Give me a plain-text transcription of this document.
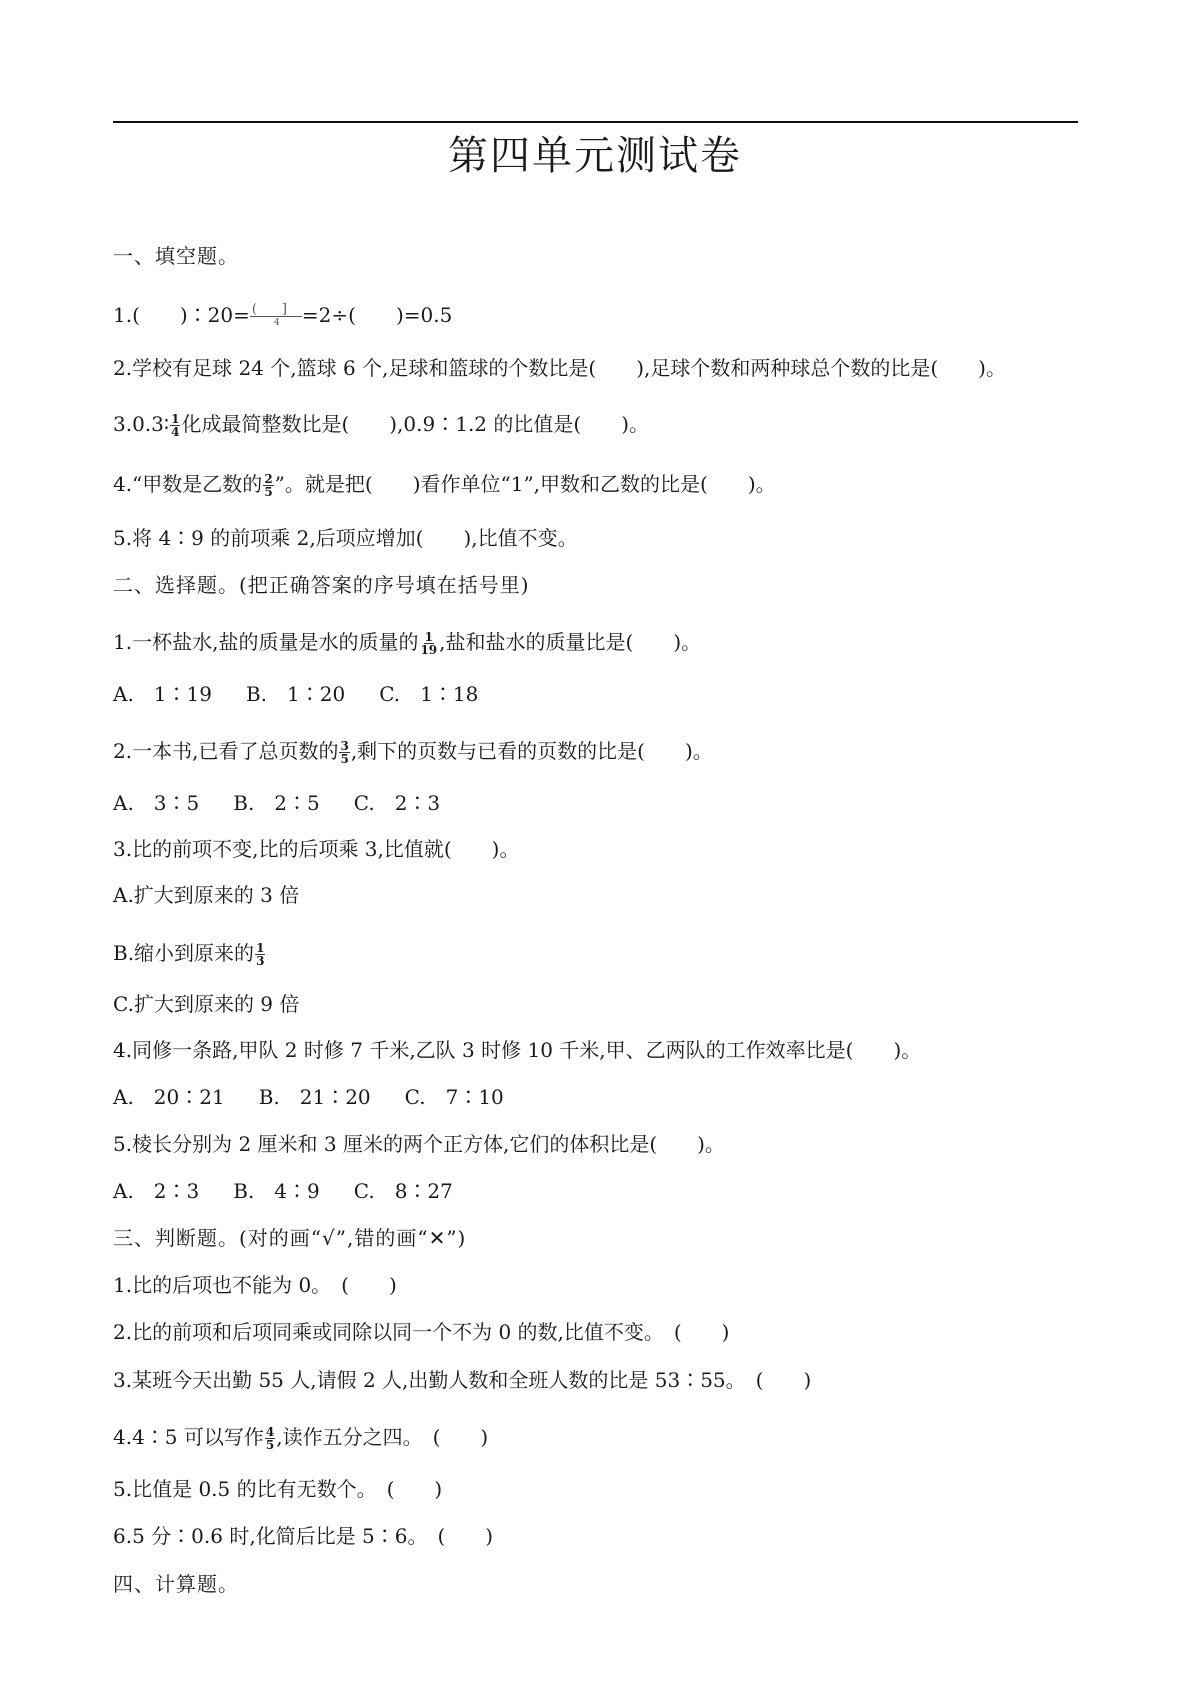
第四单元测试卷
一、填空题。
1.(　　)∶20= ( ]
4 =2÷(　　)=0.5
2.学校有足球 24 个,篮球 6 个,足球和篮球的个数比是(　　),足球个数和两种球总个数的比是(　　)。
3.0.3∶ $\frac{1}{4}$ 化成最简整数比是(　　),0.9∶1.2 的比值是(　　)。
4.“甲数是乙数的 $\frac{2}{5}$ ”。就是把(　　)看作单位“1”,甲数和乙数的比是(　　)。
5.将 4∶9 的前项乘 2,后项应增加(　　),比值不变。
二、选择题。(把正确答案的序号填在括号里)
1.一杯盐水,盐的质量是水的质量的 $\frac{1}{19}$ ,盐和盐水的质量比是(　　)。
A.　1∶19 B.　1∶20 C.　1∶18
2.一本书,已看了总页数的 $\frac{3}{5}$ ,剩下的页数与已看的页数的比是(　　)。
A.　3∶5 B.　2∶5 C.　2∶3
3.比的前项不变,比的后项乘 3,比值就(　　)。
A.扩大到原来的 3 倍
B.缩小到原来的 $\frac{1}{3}$
C.扩大到原来的 9 倍
4.同修一条路,甲队 2 时修 7 千米,乙队 3 时修 10 千米,甲、乙两队的工作效率比是(　　)。
A.　20∶21 B.　21∶20 C.　7∶10
5.棱长分别为 2 厘米和 3 厘米的两个正方体,它们的体积比是(　　)。
A.　2∶3 B.　4∶9 C.　8∶27
三、判断题。(对的画“√”,错的画“✕”)
1.比的后项也不能为 0。　(　　)
2.比的前项和后项同乘或同除以同一个不为 0 的数,比值不变。　(　　)
3.某班今天出勤 55 人,请假 2 人,出勤人数和全班人数的比是 53∶55。　(　　)
4.4∶5 可以写作 $\frac{4}{5}$ ,读作五分之四。　(　　)
5.比值是 0.5 的比有无数个。　(　　)
6.5 分∶0.6 时,化简后比是 5∶6。　(　　)
四、计算题。
